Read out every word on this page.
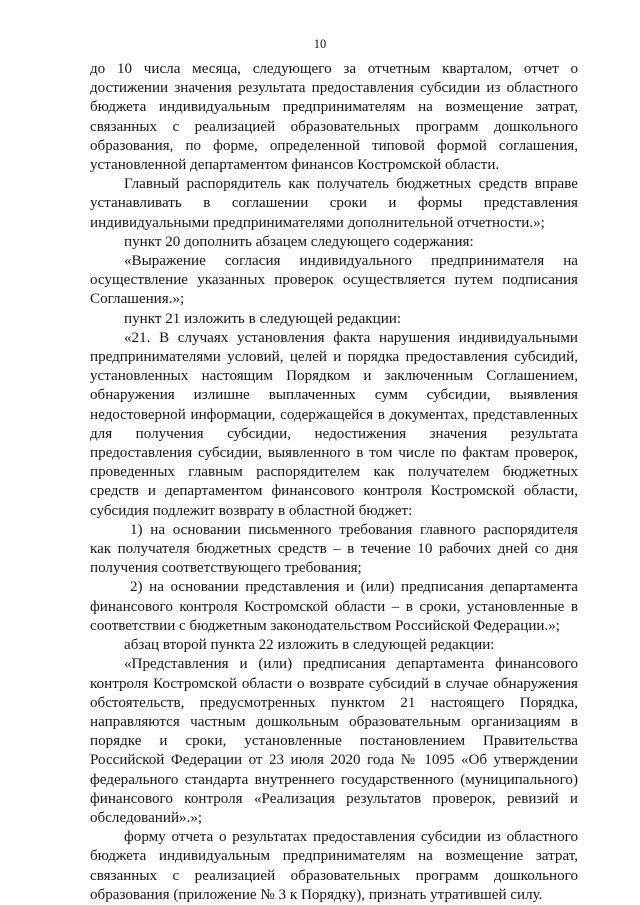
10

до 10 числа месяца, следующего за отчетным кварталом, отчет о достижении значения результата предоставления субсидии из областного бюджета индивидуальным предпринимателям на возмещение затрат, связанных с реализацией образовательных программ дошкольного образования, по форме, определенной типовой формой соглашения, установленной департаментом финансов Костромской области.

Главный распорядитель как получатель бюджетных средств вправе устанавливать в соглашении сроки и формы представления индивидуальными предпринимателями дополнительной отчетности.»;

пункт 20 дополнить абзацем следующего содержания:

«Выражение согласия индивидуального предпринимателя на осуществление указанных проверок осуществляется путем подписания Соглашения.»;

пункт 21 изложить в следующей редакции:

«21. В случаях установления факта нарушения индивидуальными предпринимателями условий, целей и порядка предоставления субсидий, установленных настоящим Порядком и заключенным Соглашением, обнаружения излишне выплаченных сумм субсидии, выявления недостоверной информации, содержащейся в документах, представленных для получения субсидии, недостижения значения результата предоставления субсидии, выявленного в том числе по фактам проверок, проведенных главным распорядителем как получателем бюджетных средств и департаментом финансового контроля Костромской области, субсидия подлежит возврату в областной бюджет:

1) на основании письменного требования главного распорядителя как получателя бюджетных средств – в течение 10 рабочих дней со дня получения соответствующего требования;

2) на основании представления и (или) предписания департамента финансового контроля Костромской области – в сроки, установленные в соответствии с бюджетным законодательством Российской Федерации.»;

абзац второй пункта 22 изложить в следующей редакции:

«Представления и (или) предписания департамента финансового контроля Костромской области о возврате субсидий в случае обнаружения обстоятельств, предусмотренных пунктом 21 настоящего Порядка, направляются частным дошкольным образовательным организациям в порядке и сроки, установленные постановлением Правительства Российской Федерации от 23 июля 2020 года № 1095 «Об утверждении федерального стандарта внутреннего государственного (муниципального) финансового контроля «Реализация результатов проверок, ревизий и обследований».»;

форму отчета о результатах предоставления субсидии из областного бюджета индивидуальным предпринимателям на возмещение затрат, связанных с реализацией образовательных программ дошкольного образования (приложение № 3 к Порядку), признать утратившей силу.
